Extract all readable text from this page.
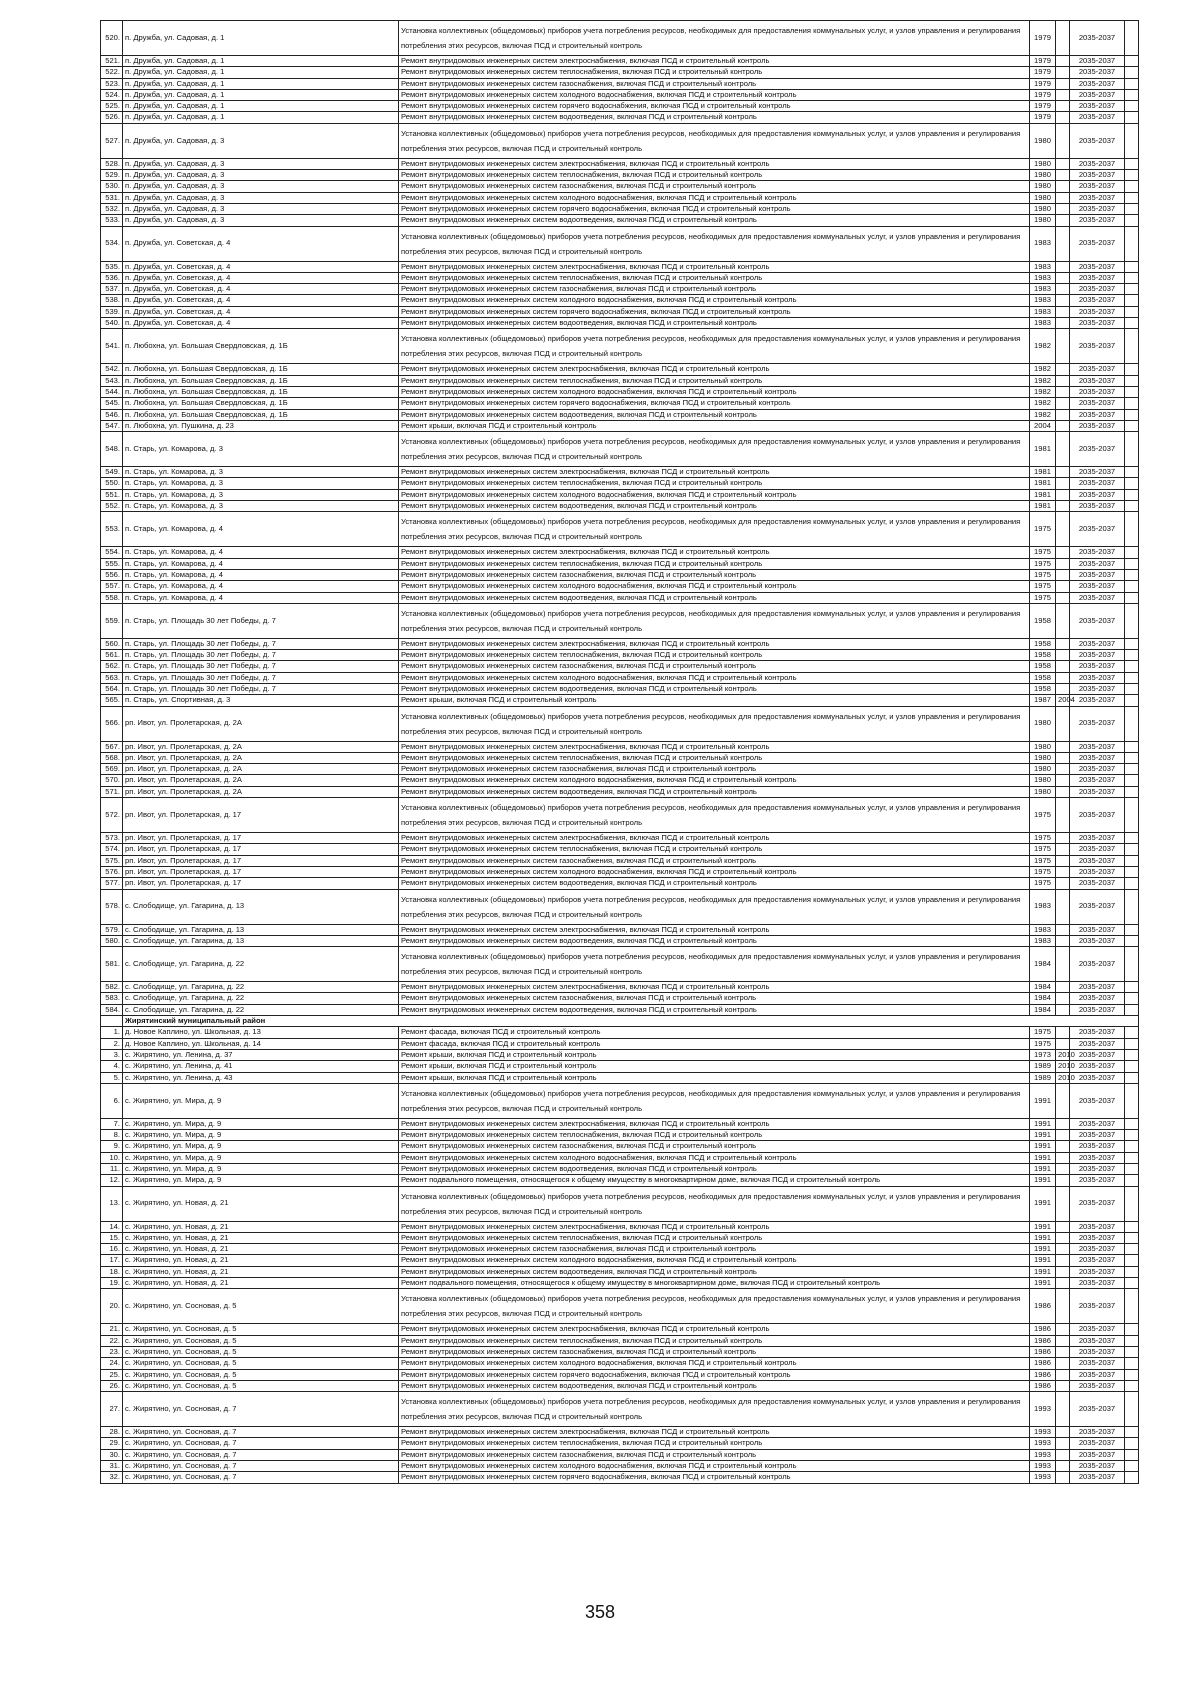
520.	п. Дружба, ул. Садовая, д. 1	Установка коллективных (общедомовых) приборов учета потребления ресурсов, необходимых для предоставления коммунальных услуг, и узлов управления и регулирования потребления этих ресурсов, включая ПСД и строительный контроль	1979		2035-2037	
521.	п. Дружба, ул. Садовая, д. 1	Ремонт внутридомовых инженерных систем электроснабжения, включая ПСД и строительный контроль	1979		2035-2037	
522.	п. Дружба, ул. Садовая, д. 1	Ремонт внутридомовых инженерных систем теплоснабжения, включая ПСД и строительный контроль	1979		2035-2037	
523.	п. Дружба, ул. Садовая, д. 1	Ремонт внутридомовых инженерных систем газоснабжения, включая ПСД и строительный контроль	1979		2035-2037	
524.	п. Дружба, ул. Садовая, д. 1	Ремонт внутридомовых инженерных систем холодного водоснабжения, включая ПСД и строительный контроль	1979		2035-2037	
525.	п. Дружба, ул. Садовая, д. 1	Ремонт внутридомовых инженерных систем горячего водоснабжения, включая ПСД и строительный контроль	1979		2035-2037	
526.	п. Дружба, ул. Садовая, д. 1	Ремонт внутридомовых инженерных систем водоотведения, включая ПСД и строительный контроль	1979		2035-2037	
527.	п. Дружба, ул. Садовая, д. 3	Установка коллективных (общедомовых) приборов учета потребления ресурсов, необходимых для предоставления коммунальных услуг, и узлов управления и регулирования потребления этих ресурсов, включая ПСД и строительный контроль	1980		2035-2037	
528.	п. Дружба, ул. Садовая, д. 3	Ремонт внутридомовых инженерных систем электроснабжения, включая ПСД и строительный контроль	1980		2035-2037	
529.	п. Дружба, ул. Садовая, д. 3	Ремонт внутридомовых инженерных систем теплоснабжения, включая ПСД и строительный контроль	1980		2035-2037	
530.	п. Дружба, ул. Садовая, д. 3	Ремонт внутридомовых инженерных систем газоснабжения, включая ПСД и строительный контроль	1980		2035-2037	
531.	п. Дружба, ул. Садовая, д. 3	Ремонт внутридомовых инженерных систем холодного водоснабжения, включая ПСД и строительный контроль	1980		2035-2037	
532.	п. Дружба, ул. Садовая, д. 3	Ремонт внутридомовых инженерных систем горячего водоснабжения, включая ПСД и строительный контроль	1980		2035-2037	
533.	п. Дружба, ул. Садовая, д. 3	Ремонт внутридомовых инженерных систем водоотведения, включая ПСД и строительный контроль	1980		2035-2037	
534.	п. Дружба, ул. Советская, д. 4	Установка коллективных (общедомовых) приборов учета потребления ресурсов, необходимых для предоставления коммунальных услуг, и узлов управления и регулирования потребления этих ресурсов, включая ПСД и строительный контроль	1983		2035-2037	
535.	п. Дружба, ул. Советская, д. 4	Ремонт внутридомовых инженерных систем электроснабжения, включая ПСД и строительный контроль	1983		2035-2037	
536.	п. Дружба, ул. Советская, д. 4	Ремонт внутридомовых инженерных систем теплоснабжения, включая ПСД и строительный контроль	1983		2035-2037	
537.	п. Дружба, ул. Советская, д. 4	Ремонт внутридомовых инженерных систем газоснабжения, включая ПСД и строительный контроль	1983		2035-2037	
538.	п. Дружба, ул. Советская, д. 4	Ремонт внутридомовых инженерных систем холодного водоснабжения, включая ПСД и строительный контроль	1983		2035-2037	
539.	п. Дружба, ул. Советская, д. 4	Ремонт внутридомовых инженерных систем горячего водоснабжения, включая ПСД и строительный контроль	1983		2035-2037	
540.	п. Дружба, ул. Советская, д. 4	Ремонт внутридомовых инженерных систем водоотведения, включая ПСД и строительный контроль	1983		2035-2037	
541.	п. Любохна, ул. Большая Свердловская, д. 1Б	Установка коллективных (общедомовых) приборов учета потребления ресурсов, необходимых для предоставления коммунальных услуг, и узлов управления и регулирования потребления этих ресурсов, включая ПСД и строительный контроль	1982		2035-2037	
542.	п. Любохна, ул. Большая Свердловская, д. 1Б	Ремонт внутридомовых инженерных систем электроснабжения, включая ПСД и строительный контроль	1982		2035-2037	
543.	п. Любохна, ул. Большая Свердловская, д. 1Б	Ремонт внутридомовых инженерных систем теплоснабжения, включая ПСД и строительный контроль	1982		2035-2037	
544.	п. Любохна, ул. Большая Свердловская, д. 1Б	Ремонт внутридомовых инженерных систем холодного водоснабжения, включая ПСД и строительный контроль	1982		2035-2037	
545.	п. Любохна, ул. Большая Свердловская, д. 1Б	Ремонт внутридомовых инженерных систем горячего водоснабжения, включая ПСД и строительный контроль	1982		2035-2037	
546.	п. Любохна, ул. Большая Свердловская, д. 1Б	Ремонт внутридомовых инженерных систем водоотведения, включая ПСД и строительный контроль	1982		2035-2037	
547.	п. Любохна, ул. Пушкина, д. 23	Ремонт крыши, включая ПСД и строительный контроль	2004		2035-2037	
548.	п. Старь, ул. Комарова, д. 3	Установка коллективных (общедомовых) приборов учета потребления ресурсов, необходимых для предоставления коммунальных услуг, и узлов управления и регулирования потребления этих ресурсов, включая ПСД и строительный контроль	1981		2035-2037	
549.	п. Старь, ул. Комарова, д. 3	Ремонт внутридомовых инженерных систем электроснабжения, включая ПСД и строительный контроль	1981		2035-2037	
550.	п. Старь, ул. Комарова, д. 3	Ремонт внутридомовых инженерных систем теплоснабжения, включая ПСД и строительный контроль	1981		2035-2037	
551.	п. Старь, ул. Комарова, д. 3	Ремонт внутридомовых инженерных систем холодного водоснабжения, включая ПСД и строительный контроль	1981		2035-2037	
552.	п. Старь, ул. Комарова, д. 3	Ремонт внутридомовых инженерных систем водоотведения, включая ПСД и строительный контроль	1981		2035-2037	
553.	п. Старь, ул. Комарова, д. 4	Установка коллективных (общедомовых) приборов учета потребления ресурсов, необходимых для предоставления коммунальных услуг, и узлов управления и регулирования потребления этих ресурсов, включая ПСД и строительный контроль	1975		2035-2037	
554.	п. Старь, ул. Комарова, д. 4	Ремонт внутридомовых инженерных систем электроснабжения, включая ПСД и строительный контроль	1975		2035-2037	
555.	п. Старь, ул. Комарова, д. 4	Ремонт внутридомовых инженерных систем теплоснабжения, включая ПСД и строительный контроль	1975		2035-2037	
556.	п. Старь, ул. Комарова, д. 4	Ремонт внутридомовых инженерных систем газоснабжения, включая ПСД и строительный контроль	1975		2035-2037	
557.	п. Старь, ул. Комарова, д. 4	Ремонт внутридомовых инженерных систем холодного водоснабжения, включая ПСД и строительный контроль	1975		2035-2037	
558.	п. Старь, ул. Комарова, д. 4	Ремонт внутридомовых инженерных систем водоотведения, включая ПСД и строительный контроль	1975		2035-2037	
559.	п. Старь, ул. Площадь 30 лет Победы, д. 7	Установка коллективных (общедомовых) приборов учета потребления ресурсов, необходимых для предоставления коммунальных услуг, и узлов управления и регулирования потребления этих ресурсов, включая ПСД и строительный контроль	1958		2035-2037	
560.	п. Старь, ул. Площадь 30 лет Победы, д. 7	Ремонт внутридомовых инженерных систем электроснабжения, включая ПСД и строительный контроль	1958		2035-2037	
561.	п. Старь, ул. Площадь 30 лет Победы, д. 7	Ремонт внутридомовых инженерных систем теплоснабжения, включая ПСД и строительный контроль	1958		2035-2037	
562.	п. Старь, ул. Площадь 30 лет Победы, д. 7	Ремонт внутридомовых инженерных систем газоснабжения, включая ПСД и строительный контроль	1958		2035-2037	
563.	п. Старь, ул. Площадь 30 лет Победы, д. 7	Ремонт внутридомовых инженерных систем холодного водоснабжения, включая ПСД и строительный контроль	1958		2035-2037	
564.	п. Старь, ул. Площадь 30 лет Победы, д. 7	Ремонт внутридомовых инженерных систем водоотведения, включая ПСД и строительный контроль	1958		2035-2037	
565.	п. Старь, ул. Спортивная, д. 3	Ремонт крыши, включая ПСД и строительный контроль	1987	2004	2035-2037	
566.	рп. Ивот, ул. Пролетарская, д. 2А	Установка коллективных (общедомовых) приборов учета потребления ресурсов, необходимых для предоставления коммунальных услуг, и узлов управления и регулирования потребления этих ресурсов, включая ПСД и строительный контроль	1980		2035-2037	
567.	рп. Ивот, ул. Пролетарская, д. 2А	Ремонт внутридомовых инженерных систем электроснабжения, включая ПСД и строительный контроль	1980		2035-2037	
568.	рп. Ивот, ул. Пролетарская, д. 2А	Ремонт внутридомовых инженерных систем теплоснабжения, включая ПСД и строительный контроль	1980		2035-2037	
569.	рп. Ивот, ул. Пролетарская, д. 2А	Ремонт внутридомовых инженерных систем газоснабжения, включая ПСД и строительный контроль	1980		2035-2037	
570.	рп. Ивот, ул. Пролетарская, д. 2А	Ремонт внутридомовых инженерных систем холодного водоснабжения, включая ПСД и строительный контроль	1980		2035-2037	
571.	рп. Ивот, ул. Пролетарская, д. 2А	Ремонт внутридомовых инженерных систем водоотведения, включая ПСД и строительный контроль	1980		2035-2037	
572.	рп. Ивот, ул. Пролетарская, д. 17	Установка коллективных (общедомовых) приборов учета потребления ресурсов, необходимых для предоставления коммунальных услуг, и узлов управления и регулирования потребления этих ресурсов, включая ПСД и строительный контроль	1975		2035-2037	
573.	рп. Ивот, ул. Пролетарская, д. 17	Ремонт внутридомовых инженерных систем электроснабжения, включая ПСД и строительный контроль	1975		2035-2037	
574.	рп. Ивот, ул. Пролетарская, д. 17	Ремонт внутридомовых инженерных систем теплоснабжения, включая ПСД и строительный контроль	1975		2035-2037	
575.	рп. Ивот, ул. Пролетарская, д. 17	Ремонт внутридомовых инженерных систем газоснабжения, включая ПСД и строительный контроль	1975		2035-2037	
576.	рп. Ивот, ул. Пролетарская, д. 17	Ремонт внутридомовых инженерных систем холодного водоснабжения, включая ПСД и строительный контроль	1975		2035-2037	
577.	рп. Ивот, ул. Пролетарская, д. 17	Ремонт внутридомовых инженерных систем водоотведения, включая ПСД и строительный контроль	1975		2035-2037	
578.	с. Слободище, ул. Гагарина, д. 13	Установка коллективных (общедомовых) приборов учета потребления ресурсов, необходимых для предоставления коммунальных услуг, и узлов управления и регулирования потребления этих ресурсов, включая ПСД и строительный контроль	1983		2035-2037	
579.	с. Слободище, ул. Гагарина, д. 13	Ремонт внутридомовых инженерных систем электроснабжения, включая ПСД и строительный контроль	1983		2035-2037	
580.	с. Слободище, ул. Гагарина, д. 13	Ремонт внутридомовых инженерных систем водоотведения, включая ПСД и строительный контроль	1983		2035-2037	
581.	с. Слободище, ул. Гагарина, д. 22	Установка коллективных (общедомовых) приборов учета потребления ресурсов, необходимых для предоставления коммунальных услуг, и узлов управления и регулирования потребления этих ресурсов, включая ПСД и строительный контроль	1984		2035-2037	
582.	с. Слободище, ул. Гагарина, д. 22	Ремонт внутридомовых инженерных систем электроснабжения, включая ПСД и строительный контроль	1984		2035-2037	
583.	с. Слободище, ул. Гагарина, д. 22	Ремонт внутридомовых инженерных систем газоснабжения, включая ПСД и строительный контроль	1984		2035-2037	
584.	с. Слободище, ул. Гагарина, д. 22	Ремонт внутридомовых инженерных систем водоотведения, включая ПСД и строительный контроль	1984		2035-2037	
	Жирятинский муниципальный район					
1.	д. Новое Каплино, ул. Школьная, д. 13	Ремонт фасада, включая ПСД и строительный контроль	1975		2035-2037	
2.	д. Новое Каплино, ул. Школьная, д. 14	Ремонт фасада, включая ПСД и строительный контроль	1975		2035-2037	
3.	с. Жирятино, ул. Ленина, д. 37	Ремонт крыши, включая ПСД и строительный контроль	1973	2010	2035-2037	
4.	с. Жирятино, ул. Ленина, д. 41	Ремонт крыши, включая ПСД и строительный контроль	1989	2010	2035-2037	
5.	с. Жирятино, ул. Ленина, д. 43	Ремонт крыши, включая ПСД и строительный контроль	1989	2010	2035-2037	
6.	с. Жирятино, ул. Мира, д. 9	Установка коллективных (общедомовых) приборов учета потребления ресурсов, необходимых для предоставления коммунальных услуг, и узлов управления и регулирования потребления этих ресурсов, включая ПСД и строительный контроль	1991		2035-2037	
7.	с. Жирятино, ул. Мира, д. 9	Ремонт внутридомовых инженерных систем электроснабжения, включая ПСД и строительный контроль	1991		2035-2037	
8.	с. Жирятино, ул. Мира, д. 9	Ремонт внутридомовых инженерных систем теплоснабжения, включая ПСД и строительный контроль	1991		2035-2037	
9.	с. Жирятино, ул. Мира, д. 9	Ремонт внутридомовых инженерных систем газоснабжения, включая ПСД и строительный контроль	1991		2035-2037	
10.	с. Жирятино, ул. Мира, д. 9	Ремонт внутридомовых инженерных систем холодного водоснабжения, включая ПСД и строительный контроль	1991		2035-2037	
11.	с. Жирятино, ул. Мира, д. 9	Ремонт внутридомовых инженерных систем водоотведения, включая ПСД и строительный контроль	1991		2035-2037	
12.	с. Жирятино, ул. Мира, д. 9	Ремонт подвального помещения, относящегося к общему имуществу в многоквартирном доме, включая ПСД и строительный контроль	1991		2035-2037	
13.	с. Жирятино, ул. Новая, д. 21	Установка коллективных (общедомовых) приборов учета потребления ресурсов, необходимых для предоставления коммунальных услуг, и узлов управления и регулирования потребления этих ресурсов, включая ПСД и строительный контроль	1991		2035-2037	
14.	с. Жирятино, ул. Новая, д. 21	Ремонт внутридомовых инженерных систем электроснабжения, включая ПСД и строительный контроль	1991		2035-2037	
15.	с. Жирятино, ул. Новая, д. 21	Ремонт внутридомовых инженерных систем теплоснабжения, включая ПСД и строительный контроль	1991		2035-2037	
16.	с. Жирятино, ул. Новая, д. 21	Ремонт внутридомовых инженерных систем газоснабжения, включая ПСД и строительный контроль	1991		2035-2037	
17.	с. Жирятино, ул. Новая, д. 21	Ремонт внутридомовых инженерных систем холодного водоснабжения, включая ПСД и строительный контроль	1991		2035-2037	
18.	с. Жирятино, ул. Новая, д. 21	Ремонт внутридомовых инженерных систем водоотведения, включая ПСД и строительный контроль	1991		2035-2037	
19.	с. Жирятино, ул. Новая, д. 21	Ремонт подвального помещения, относящегося к общему имуществу в многоквартирном доме, включая ПСД и строительный контроль	1991		2035-2037	
20.	с. Жирятино, ул. Сосновая, д. 5	Установка коллективных (общедомовых) приборов учета потребления ресурсов, необходимых для предоставления коммунальных услуг, и узлов управления и регулирования потребления этих ресурсов, включая ПСД и строительный контроль	1986		2035-2037	
21.	с. Жирятино, ул. Сосновая, д. 5	Ремонт внутридомовых инженерных систем электроснабжения, включая ПСД и строительный контроль	1986		2035-2037	
22.	с. Жирятино, ул. Сосновая, д. 5	Ремонт внутридомовых инженерных систем теплоснабжения, включая ПСД и строительный контроль	1986		2035-2037	
23.	с. Жирятино, ул. Сосновая, д. 5	Ремонт внутридомовых инженерных систем газоснабжения, включая ПСД и строительный контроль	1986		2035-2037	
24.	с. Жирятино, ул. Сосновая, д. 5	Ремонт внутридомовых инженерных систем холодного водоснабжения, включая ПСД и строительный контроль	1986		2035-2037	
25.	с. Жирятино, ул. Сосновая, д. 5	Ремонт внутридомовых инженерных систем горячего водоснабжения, включая ПСД и строительный контроль	1986		2035-2037	
26.	с. Жирятино, ул. Сосновая, д. 5	Ремонт внутридомовых инженерных систем водоотведения, включая ПСД и строительный контроль	1986		2035-2037	
27.	с. Жирятино, ул. Сосновая, д. 7	Установка коллективных (общедомовых) приборов учета потребления ресурсов, необходимых для предоставления коммунальных услуг, и узлов управления и регулирования потребления этих ресурсов, включая ПСД и строительный контроль	1993		2035-2037	
28.	с. Жирятино, ул. Сосновая, д. 7	Ремонт внутридомовых инженерных систем электроснабжения, включая ПСД и строительный контроль	1993		2035-2037	
29.	с. Жирятино, ул. Сосновая, д. 7	Ремонт внутридомовых инженерных систем теплоснабжения, включая ПСД и строительный контроль	1993		2035-2037	
30.	с. Жирятино, ул. Сосновая, д. 7	Ремонт внутридомовых инженерных систем газоснабжения, включая ПСД и строительный контроль	1993		2035-2037	
31.	с. Жирятино, ул. Сосновая, д. 7	Ремонт внутридомовых инженерных систем холодного водоснабжения, включая ПСД и строительный контроль	1993		2035-2037	
32.	с. Жирятино, ул. Сосновая, д. 7	Ремонт внутридомовых инженерных систем горячего водоснабжения, включая ПСД и строительный контроль	1993		2035-2037	
358
